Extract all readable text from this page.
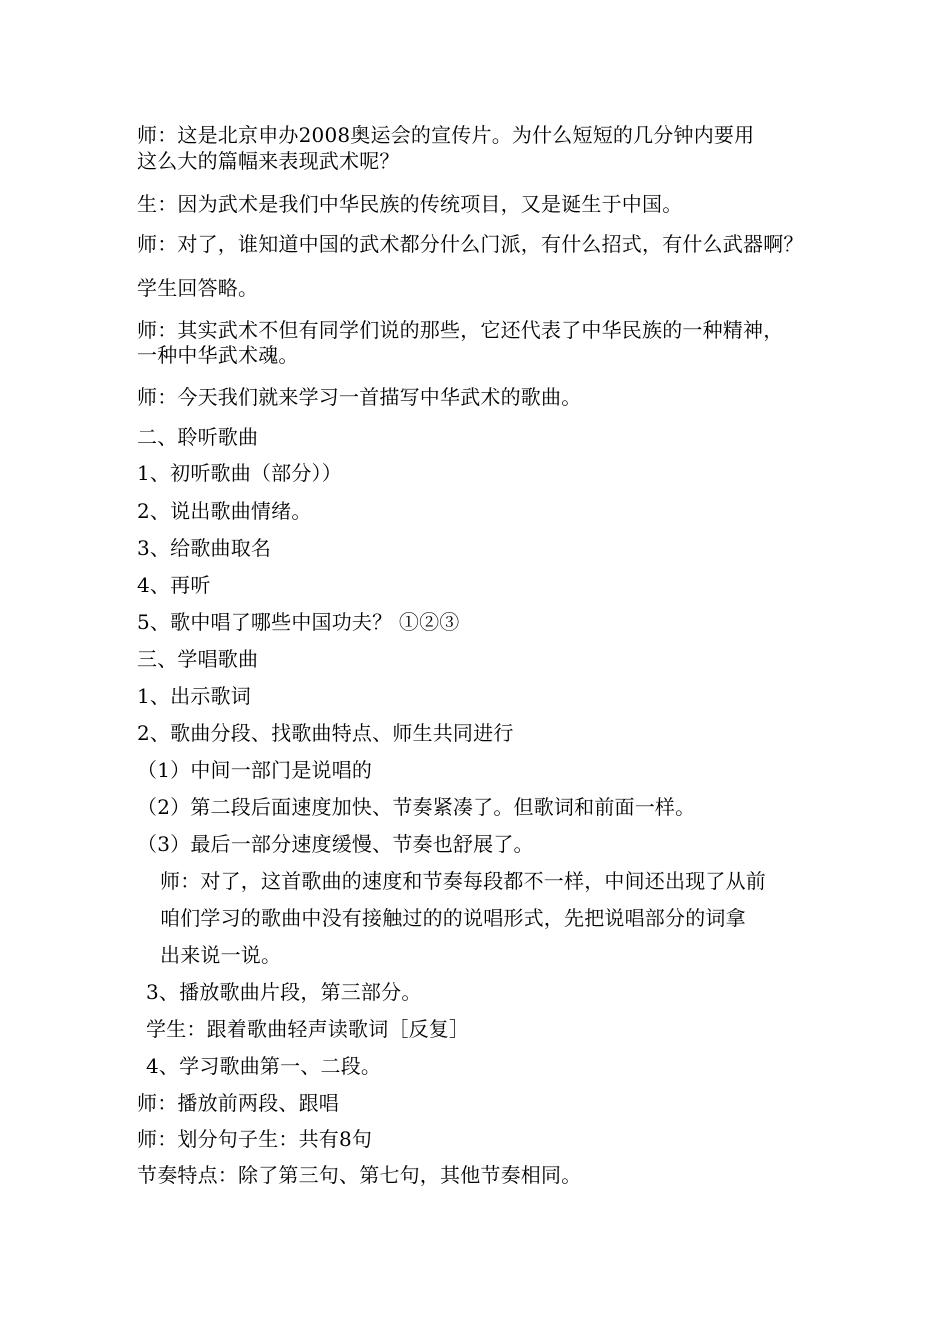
师：这是北京申办2008奥运会的宣传片。为什么短短的几分钟内要用
这么大的篇幅来表现武术呢？
生：因为武术是我们中华民族的传统项目，又是诞生于中国。
师：对了，谁知道中国的武术都分什么门派，有什么招式，有什么武器啊？
学生回答略。
师：其实武术不但有同学们说的那些，它还代表了中华民族的一种精神，
一种中华武术魂。
师：今天我们就来学习一首描写中华武术的歌曲。
二、聆听歌曲
1、初听歌曲（部分））
2、说出歌曲情绪。
3、给歌曲取名
4、再听
5、歌中唱了哪些中国功夫？ ①②③
三、学唱歌曲
1、出示歌词
2、歌曲分段、找歌曲特点、师生共同进行
（1）中间一部门是说唱的
（2）第二段后面速度加快、节奏紧凑了。但歌词和前面一样。
（3）最后一部分速度缓慢、节奏也舒展了。
师：对了，这首歌曲的速度和节奏每段都不一样，中间还出现了从前
咱们学习的歌曲中没有接触过的的说唱形式，先把说唱部分的词拿
出来说一说。
3、播放歌曲片段，第三部分。
学生：跟着歌曲轻声读歌词［反复］
4、学习歌曲第一、二段。
师：播放前两段、跟唱
师：划分句子生：共有8句
节奏特点：除了第三句、第七句，其他节奏相同。
